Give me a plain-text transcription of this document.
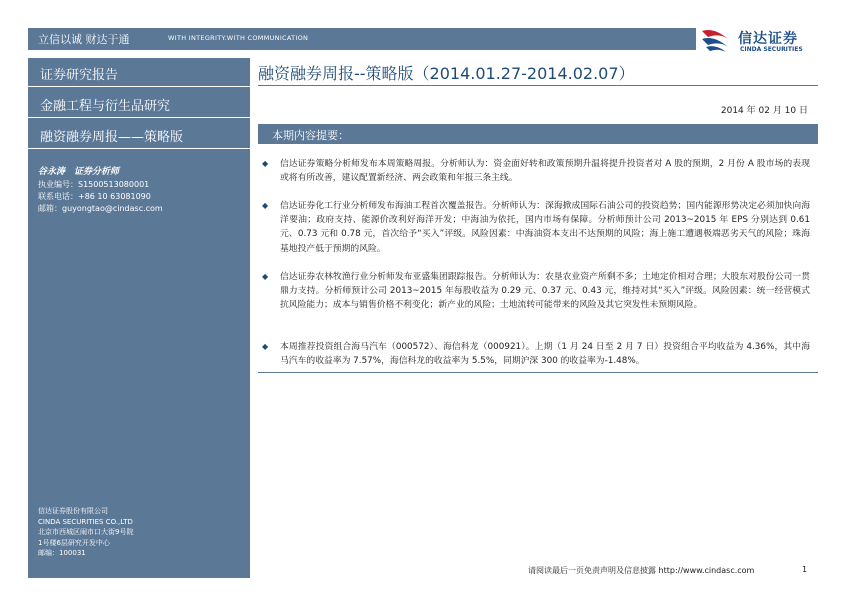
立信以诚 财达于通	WITH INTEGRITY.WITH COMMUNICATION	信达证券
CINDA SECURITIES
证券研究报告
金融工程与衍生品研究
融资融券周报——策略版
谷永涛　证券分析师
执业编号：S1500513080001
联系电话：+86 10 63081090
邮箱：guyongtao@cindasc.com
信达证券股份有限公司
CINDA SECURITIES CO.,LTD
北京市西城区闹市口大街9号院
1号楼6层研究开发中心
邮编：100031
融资融券周报--策略版（2014.01.27-2014.02.07）
2014 年 02 月 10 日
本期内容提要：
◆ 信达证券策略分析师发布本周策略周报。分析师认为：资金面好转和政策预期升温将提升投资者对 A 股的预期，2 月份 A 股市场的表现或将有所改善，建议配置新经济、两会政策和年报三条主线。
◆ 信达证券化工行业分析师发布海油工程首次覆盖报告。分析师认为：深海掀成国际石油公司的投资趋势；国内能源形势决定必须加快向海洋要油；政府支持、能源价改利好海洋开发；中海油为依托，国内市场有保障。分析师预计公司 2013~2015 年 EPS 分别达到 0.61 元、0.73 元和 0.78 元，首次给予“买入”评级。风险因素：中海油资本支出不达预期的风险；海上施工遭遇极端恶劣天气的风险；珠海基地投产低于预期的风险。
◆ 信达证券农林牧渔行业分析师发布亚盛集团跟踪报告。分析师认为：农垦农业资产所剩不多；土地定价相对合理；大股东对股份公司一贯鼎力支持。分析师预计公司 2013~2015 年每股收益为 0.29 元、0.37 元、0.43 元，维持对其“买入”评级。风险因素：统一经营模式抗风险能力；成本与销售价格不利变化；新产业的风险；土地流转可能带来的风险及其它突发性未预期风险。
◆ 本周推荐投资组合海马汽车（000572）、海信科龙（000921）。上期（1 月 24 日至 2 月 7 日）投资组合平均收益为 4.36%，其中海马汽车的收益率为 7.57%，海信科龙的收益率为 5.5%，同期沪深 300 的收益率为-1.48%。
请阅读最后一页免责声明及信息披露 http://www.cindasc.com	1
